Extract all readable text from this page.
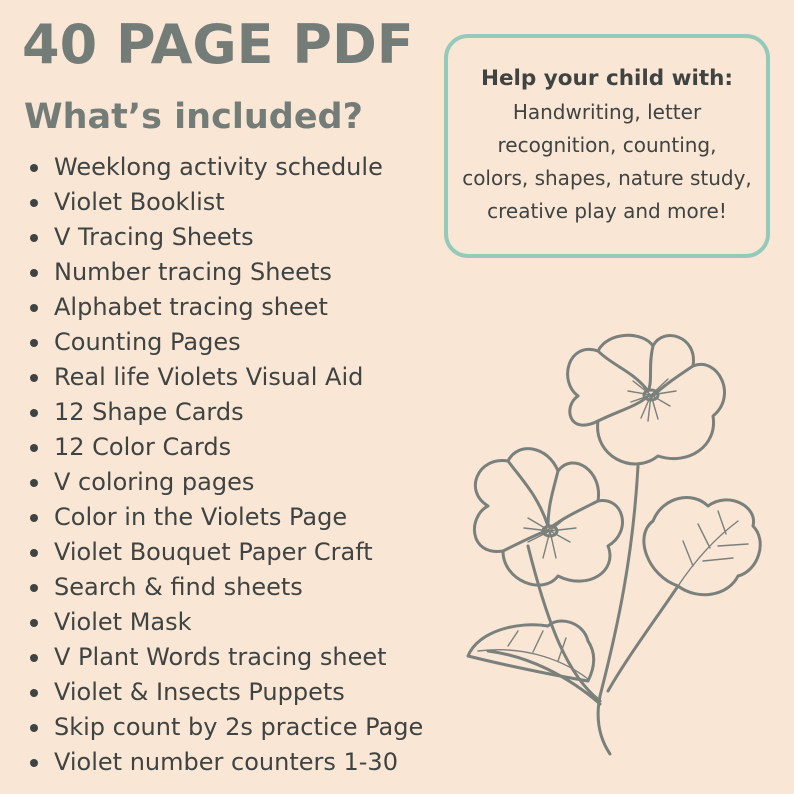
40 PAGE PDF
What’s included?
Weeklong activity schedule
Violet Booklist
V Tracing Sheets
Number tracing Sheets
Alphabet tracing sheet
Counting Pages
Real life Violets Visual Aid
12 Shape Cards
12 Color Cards
V coloring pages
Color in the Violets Page
Violet Bouquet Paper Craft
Search & find sheets
Violet Mask
V Plant Words tracing sheet
Violet & Insects Puppets
Skip count by 2s practice Page
Violet number counters 1-30

Help your child with:

Handwriting, letter recognition, counting, colors, shapes, nature study, creative play and more!
